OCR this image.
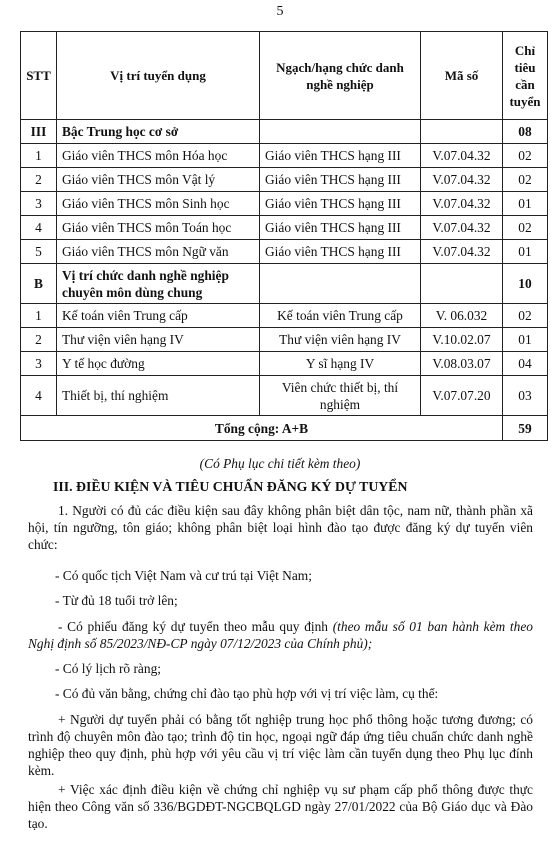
5
STT	Vị trí tuyển dụng	Ngạch/hạng chức danh nghề nghiệp	Mã số	Chỉ tiêu cần tuyển
III	Bậc Trung học cơ sở			08
1	Giáo viên THCS môn Hóa học	Giáo viên THCS hạng III	V.07.04.32	02
2	Giáo viên THCS môn Vật lý	Giáo viên THCS hạng III	V.07.04.32	02
3	Giáo viên THCS môn Sinh học	Giáo viên THCS hạng III	V.07.04.32	01
4	Giáo viên THCS môn Toán học	Giáo viên THCS hạng III	V.07.04.32	02
5	Giáo viên THCS môn Ngữ văn	Giáo viên THCS hạng III	V.07.04.32	01
B	Vị trí chức danh nghề nghiệp chuyên môn dùng chung			10
1	Kế toán viên Trung cấp	Kế toán viên Trung cấp	V. 06.032	02
2	Thư viện viên hạng IV	Thư viện viên hạng IV	V.10.02.07	01
3	Y tế học đường	Y sĩ hạng IV	V.08.03.07	04
4	Thiết bị, thí nghiệm	Viên chức thiết bị, thí nghiệm	V.07.07.20	03
Tổng cộng: A+B				59
(Có Phụ lục chi tiết kèm theo)
III. ĐIỀU KIỆN VÀ TIÊU CHUẨN ĐĂNG KÝ DỰ TUYỂN
1. Người có đủ các điều kiện sau đây không phân biệt dân tộc, nam nữ, thành phần xã hội, tín ngưỡng, tôn giáo; không phân biệt loại hình đào tạo được đăng ký dự tuyển viên chức:
- Có quốc tịch Việt Nam và cư trú tại Việt Nam;
- Từ đủ 18 tuổi trở lên;
- Có phiếu đăng ký dự tuyển theo mẫu quy định (theo mẫu số 01 ban hành kèm theo Nghị định số 85/2023/NĐ-CP ngày 07/12/2023 của Chính phủ);
- Có lý lịch rõ ràng;
- Có đủ văn bằng, chứng chỉ đào tạo phù hợp với vị trí việc làm, cụ thể:
+ Người dự tuyển phải có bằng tốt nghiệp trung học phổ thông hoặc tương đương; có trình độ chuyên môn đào tạo; trình độ tin học, ngoại ngữ đáp ứng tiêu chuẩn chức danh nghề nghiệp theo quy định, phù hợp với yêu cầu vị trí việc làm cần tuyển dụng theo Phụ lục đính kèm.
+ Việc xác định điều kiện về chứng chỉ nghiệp vụ sư phạm cấp phổ thông được thực hiện theo Công văn số 336/BGDĐT-NGCBQLGD ngày 27/01/2022 của Bộ Giáo dục và Đào tạo.
